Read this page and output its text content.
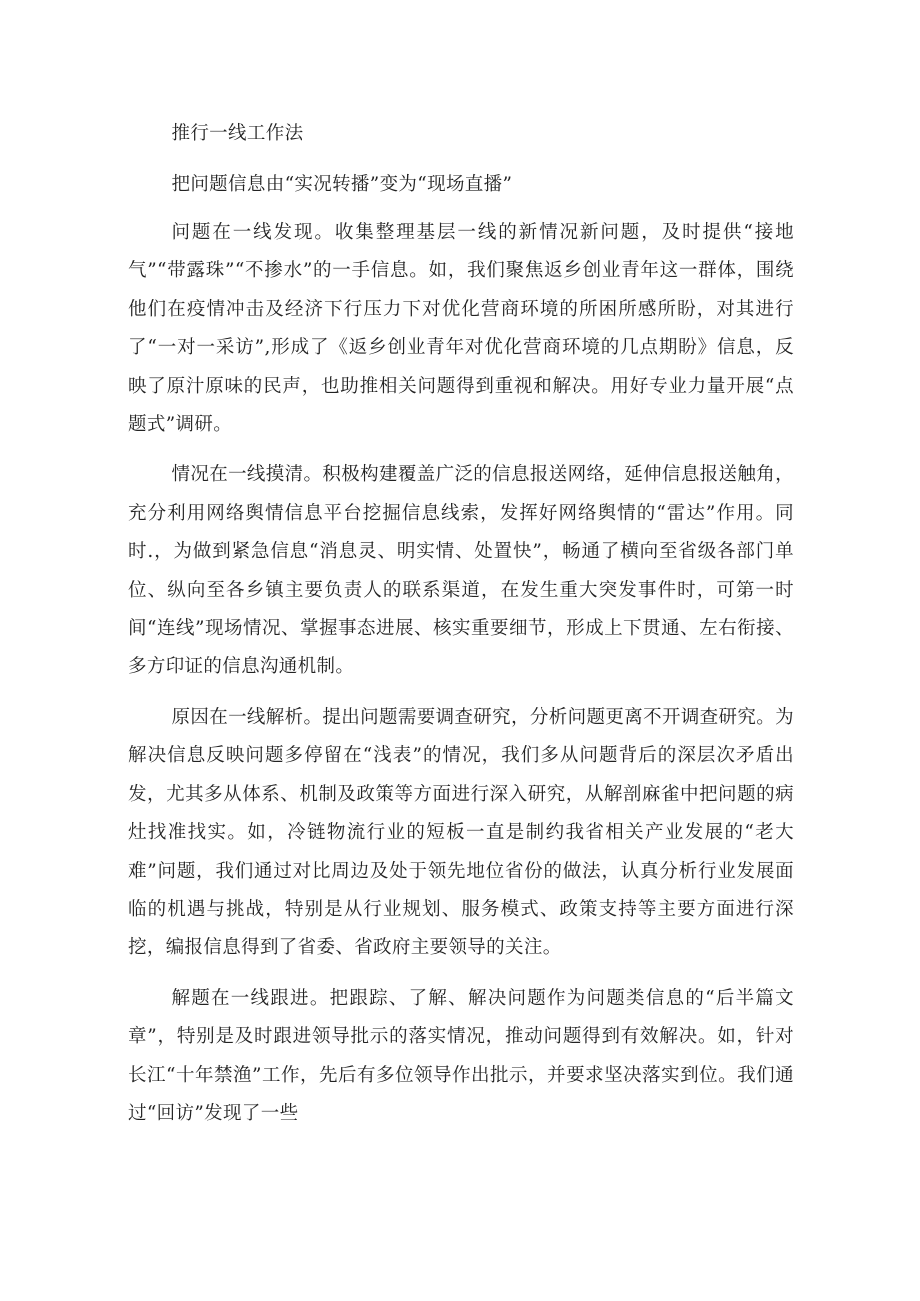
推行一线工作法

把问题信息由“实况转播”变为“现场直播”

问题在一线发现。收集整理基层一线的新情况新问题，及时提供“接地气”“带露珠”“不掺水”的一手信息。如，我们聚焦返乡创业青年这一群体，围绕他们在疫情冲击及经济下行压力下对优化营商环境的所困所感所盼，对其进行了“一对一采访”,形成了《返乡创业青年对优化营商环境的几点期盼》信息，反映了原汁原味的民声，也助推相关问题得到重视和解决。用好专业力量开展“点题式”调研。

情况在一线摸清。积极构建覆盖广泛的信息报送网络，延伸信息报送触角，充分利用网络舆情信息平台挖掘信息线索，发挥好网络舆情的“雷达”作用。同时.，为做到紧急信息“消息灵、明实情、处置快”，畅通了横向至省级各部门单位、纵向至各乡镇主要负责人的联系渠道，在发生重大突发事件时，可第一时间“连线”现场情况、掌握事态进展、核实重要细节，形成上下贯通、左右衔接、多方印证的信息沟通机制。

原因在一线解析。提出问题需要调查研究，分析问题更离不开调查研究。为解决信息反映问题多停留在“浅表”的情况，我们多从问题背后的深层次矛盾出发，尤其多从体系、机制及政策等方面进行深入研究，从解剖麻雀中把问题的病灶找准找实。如，冷链物流行业的短板一直是制约我省相关产业发展的“老大难”问题，我们通过对比周边及处于领先地位省份的做法，认真分析行业发展面临的机遇与挑战，特别是从行业规划、服务模式、政策支持等主要方面进行深挖，编报信息得到了省委、省政府主要领导的关注。

解题在一线跟进。把跟踪、了解、解决问题作为问题类信息的“后半篇文章”，特别是及时跟进领导批示的落实情况，推动问题得到有效解决。如，针对长江“十年禁渔”工作，先后有多位领导作出批示，并要求坚决落实到位。我们通过“回访”发现了一些
